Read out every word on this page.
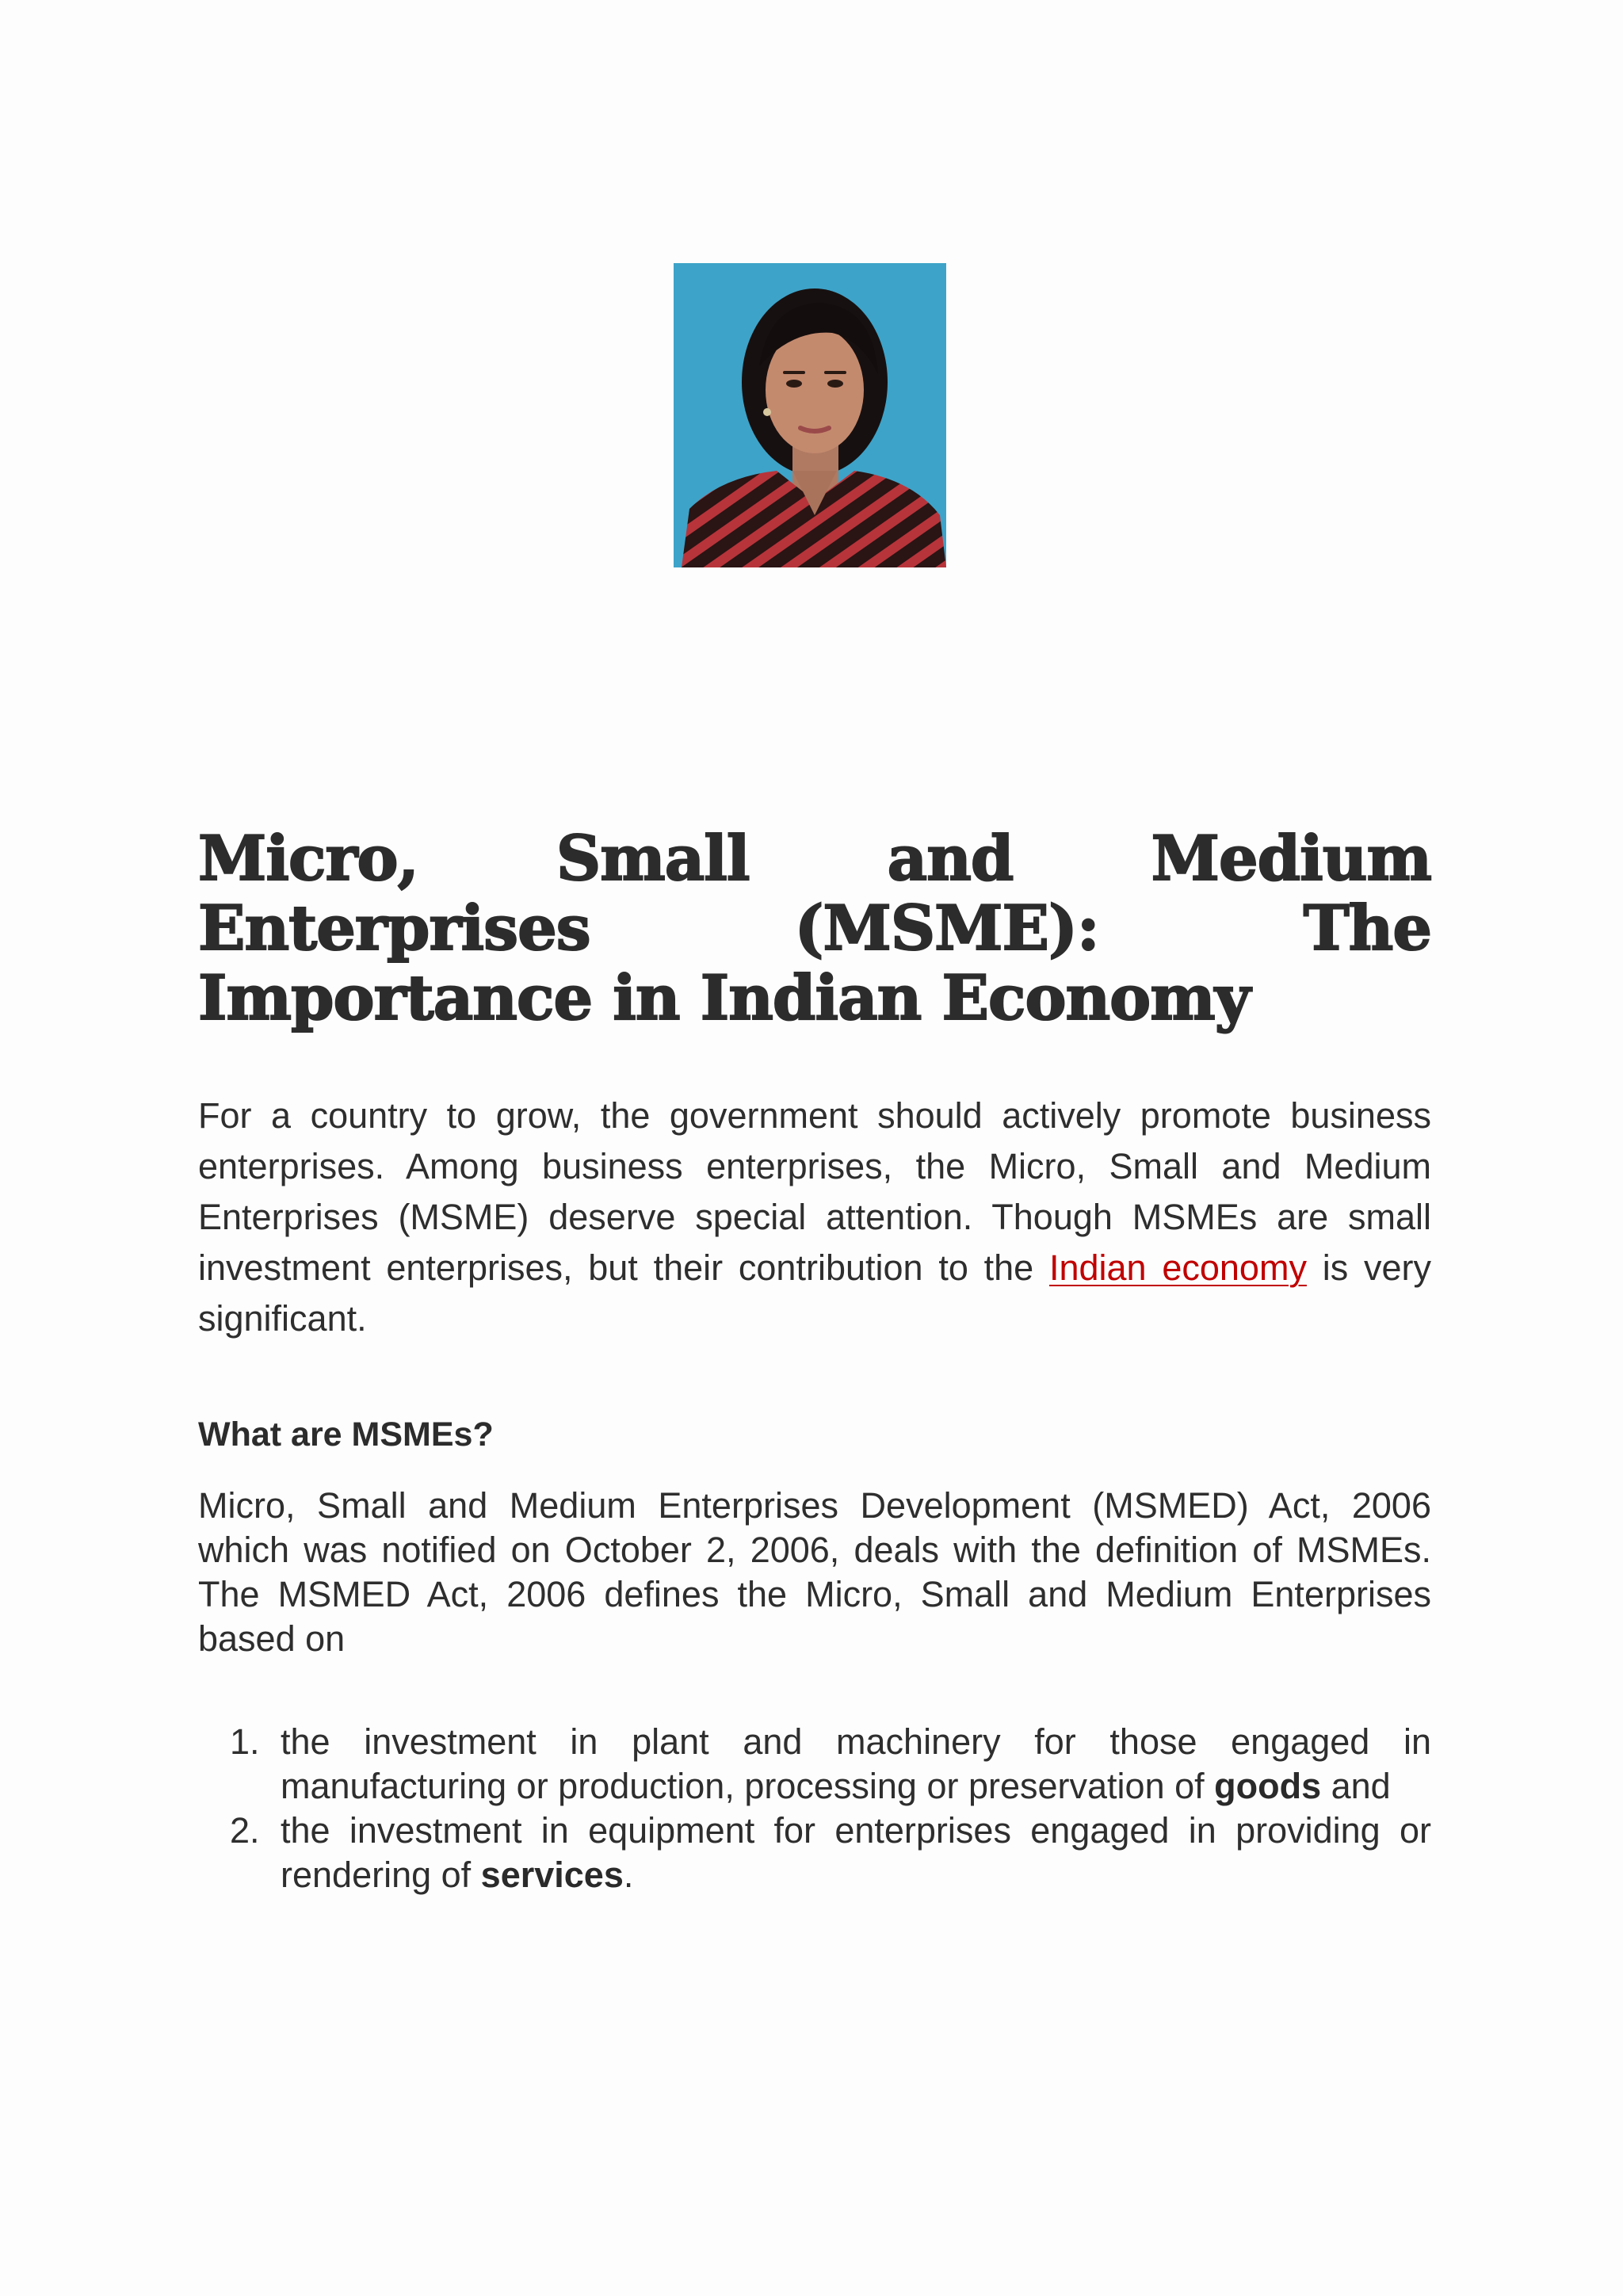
Micro, Small and Medium Enterprises (MSME): The Importance in Indian Economy

For a country to grow, the government should actively promote business enterprises. Among business enterprises, the Micro, Small and Medium Enterprises (MSME) deserve special attention. Though MSMEs are small investment enterprises, but their contribution to the Indian economy is very significant.

What are MSMEs?

Micro, Small and Medium Enterprises Development (MSMED) Act, 2006 which was notified on October 2, 2006, deals with the definition of MSMEs. The MSMED Act, 2006 defines the Micro, Small and Medium Enterprises based on

1. the investment in plant and machinery for those engaged in manufacturing or production, processing or preservation of goods and
2. the investment in equipment for enterprises engaged in providing or rendering of services.
